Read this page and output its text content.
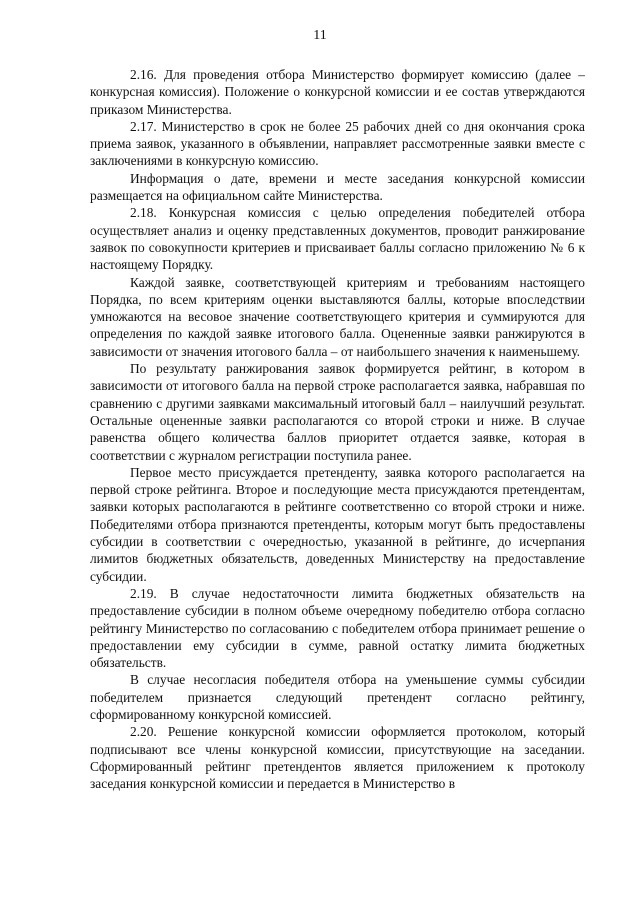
11

2.16. Для проведения отбора Министерство формирует комиссию (далее – конкурсная комиссия). Положение о конкурсной комиссии и ее состав утверждаются приказом Министерства.

2.17. Министерство в срок не более 25 рабочих дней со дня окончания срока приема заявок, указанного в объявлении, направляет рассмотренные заявки вместе с заключениями в конкурсную комиссию.

Информация о дате, времени и месте заседания конкурсной комиссии размещается на официальном сайте Министерства.

2.18. Конкурсная комиссия с целью определения победителей отбора осуществляет анализ и оценку представленных документов, проводит ранжирование заявок по совокупности критериев и присваивает баллы согласно приложению № 6 к настоящему Порядку.

Каждой заявке, соответствующей критериям и требованиям настоящего Порядка, по всем критериям оценки выставляются баллы, которые впоследствии умножаются на весовое значение соответствующего критерия и суммируются для определения по каждой заявке итогового балла. Оцененные заявки ранжируются в зависимости от значения итогового балла – от наибольшего значения к наименьшему.

По результату ранжирования заявок формируется рейтинг, в котором в зависимости от итогового балла на первой строке располагается заявка, набравшая по сравнению с другими заявками максимальный итоговый балл – наилучший результат. Остальные оцененные заявки располагаются со второй строки и ниже. В случае равенства общего количества баллов приоритет отдается заявке, которая в соответствии с журналом регистрации поступила ранее.

Первое место присуждается претенденту, заявка которого располагается на первой строке рейтинга. Второе и последующие места присуждаются претендентам, заявки которых располагаются в рейтинге соответственно со второй строки и ниже. Победителями отбора признаются претенденты, которым могут быть предоставлены субсидии в соответствии с очередностью, указанной в рейтинге, до исчерпания лимитов бюджетных обязательств, доведенных Министерству на предоставление субсидии.

2.19. В случае недостаточности лимита бюджетных обязательств на предоставление субсидии в полном объеме очередному победителю отбора согласно рейтингу Министерство по согласованию с победителем отбора принимает решение о предоставлении ему субсидии в сумме, равной остатку лимита бюджетных обязательств.

В случае несогласия победителя отбора на уменьшение суммы субсидии победителем признается следующий претендент согласно рейтингу, сформированному конкурсной комиссией.

2.20. Решение конкурсной комиссии оформляется протоколом, который подписывают все члены конкурсной комиссии, присутствующие на заседании. Сформированный рейтинг претендентов является приложением к протоколу заседания конкурсной комиссии и передается в Министерство в
